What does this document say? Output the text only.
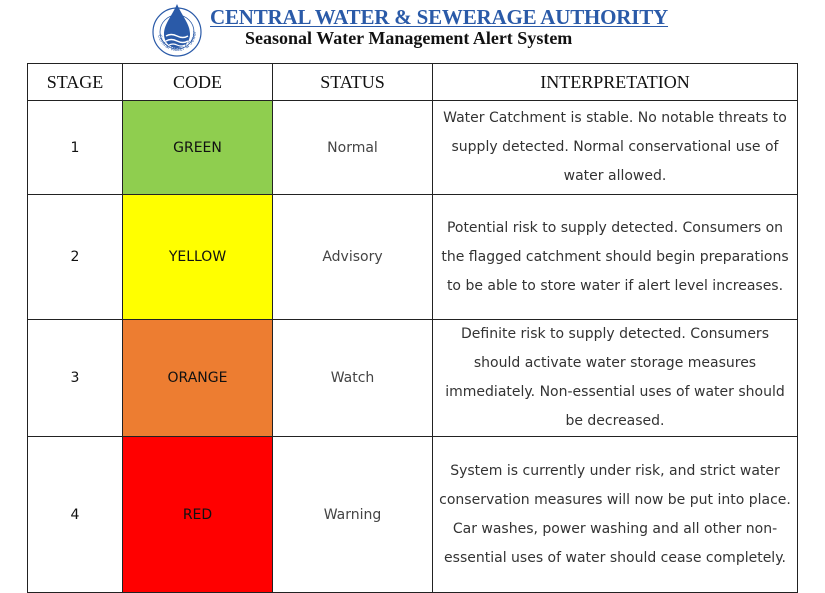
Central Water & Sewer
CENTRAL WATER & SEWERAGE AUTHORITY
Seasonal Water Management Alert System
STAGE	CODE	STATUS	INTERPRETATION
1	GREEN	Normal	Water Catchment is stable. No notable threats to supply detected. Normal conservational use of water allowed.
2	YELLOW	Advisory	Potential risk to supply detected. Consumers on the flagged catchment should begin preparations to be able to store water if alert level increases.
3	ORANGE	Watch	Definite risk to supply detected. Consumers should activate water storage measures immediately. Non-essential uses of water should be decreased.
4	RED	Warning	System is currently under risk, and strict water conservation measures will now be put into place. Car washes, power washing and all other non-essential uses of water should cease completely.
